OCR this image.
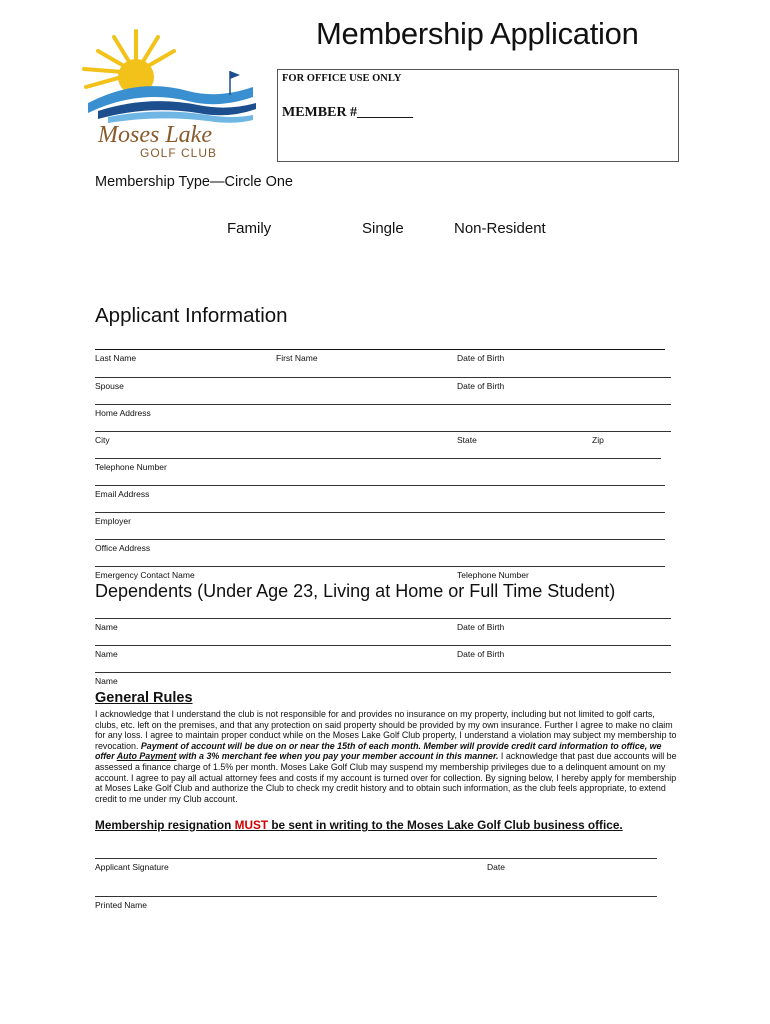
Moses Lake
GOLF CLUB
Membership Application
FOR OFFICE USE ONLY
MEMBER #________
Membership Type—Circle One
Family	Single	Non-Resident
Applicant Information
Last Name	First Name	Date of Birth
Spouse	Date of Birth
Home Address
City	State	Zip
Telephone Number
Email Address
Employer
Office Address
Emergency Contact Name	Telephone Number
Dependents (Under Age 23, Living at Home or Full Time Student)
Name	Date of Birth
Name	Date of Birth
Name
General Rules
I acknowledge that I understand the club is not responsible for and provides no insurance on my property, including but not limited to golf carts, clubs, etc. left on the premises, and that any protection on said property should be provided by my own insurance. Further I agree to make no claim for any loss. I agree to maintain proper conduct while on the Moses Lake Golf Club property, I understand a violation may subject my membership to revocation. Payment of account will be due on or near the 15th of each month. Member will provide credit card information to office, we offer Auto Payment with a 3% merchant fee when you pay your member account in this manner. I acknowledge that past due accounts will be assessed a finance charge of 1.5% per month. Moses Lake Golf Club may suspend my membership privileges due to a delinquent amount on my account. I agree to pay all actual attorney fees and costs if my account is turned over for collection. By signing below, I hereby apply for membership at Moses Lake Golf Club and authorize the Club to check my credit history and to obtain such information, as the club feels appropriate, to extend credit to me under my Club account.
Membership resignation MUST be sent in writing to the Moses Lake Golf Club business office.
Applicant Signature	Date
Printed Name
